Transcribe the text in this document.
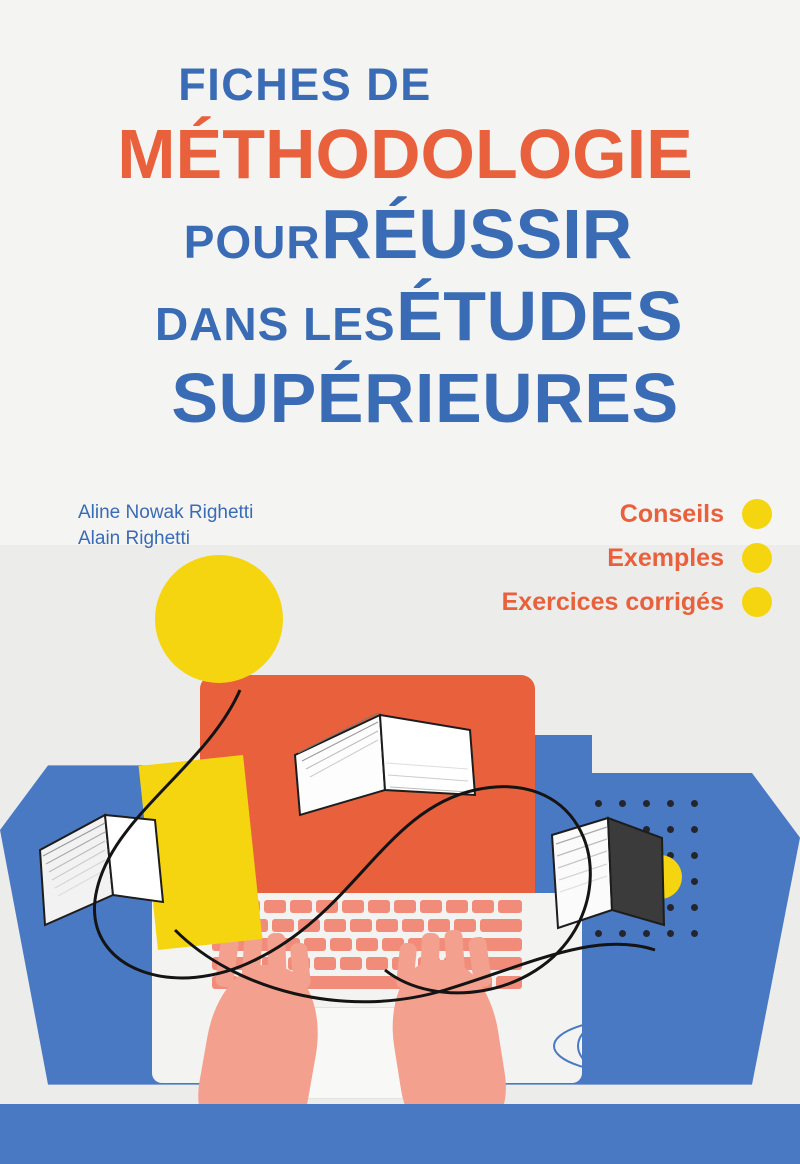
FICHES DE
MÉTHODOLOGIE
POUR RÉUSSIR
DANS LES ÉTUDES
SUPÉRIEURES
Aline Nowak Righetti
Alain Righetti
Conseils
Exemples
Exercices corrigés
ellipses
